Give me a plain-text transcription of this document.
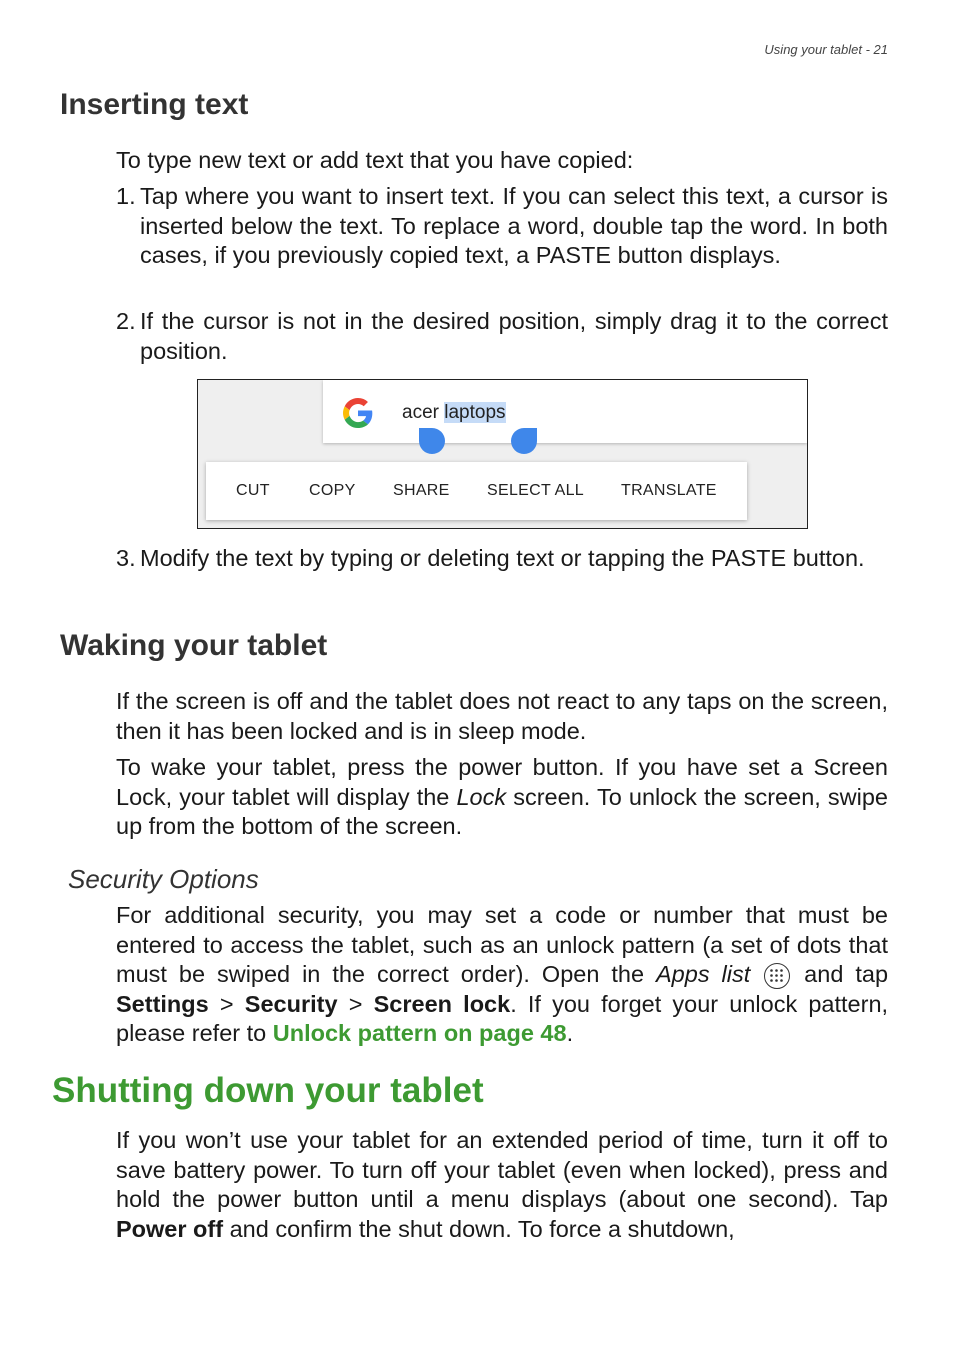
Using your tablet - 21
Inserting text

To type new text or add text that you have copied:

1. Tap where you want to insert text. If you can select this text, a cursor is inserted below the text. To replace a word, double tap the word. In both cases, if you previously copied text, a PASTE button displays.
2. If the cursor is not in the desired position, simply drag it to the correct position.
acer laptops
CUT COPY SHARE SELECT ALL TRANSLATE
3. Modify the text by typing or deleting text or tapping the PASTE button.
Waking your tablet

If the screen is off and the tablet does not react to any taps on the screen, then it has been locked and is in sleep mode.

To wake your tablet, press the power button. If you have set a Screen Lock, your tablet will display the Lock screen. To unlock the screen, swipe up from the bottom of the screen.

Security Options

For additional security, you may set a code or number that must be entered to access the tablet, such as an unlock pattern (a set of dots that must be swiped in the correct order). Open the Apps list
and tap Settings > Security > Screen lock. If you forget your unlock pattern, please refer to Unlock pattern on page 48.

Shutting down your tablet

If you won’t use your tablet for an extended period of time, turn it off to save battery power. To turn off your tablet (even when locked), press and hold the power button until a menu displays (about one second). Tap Power off and confirm the shut down. To force a shutdown,
